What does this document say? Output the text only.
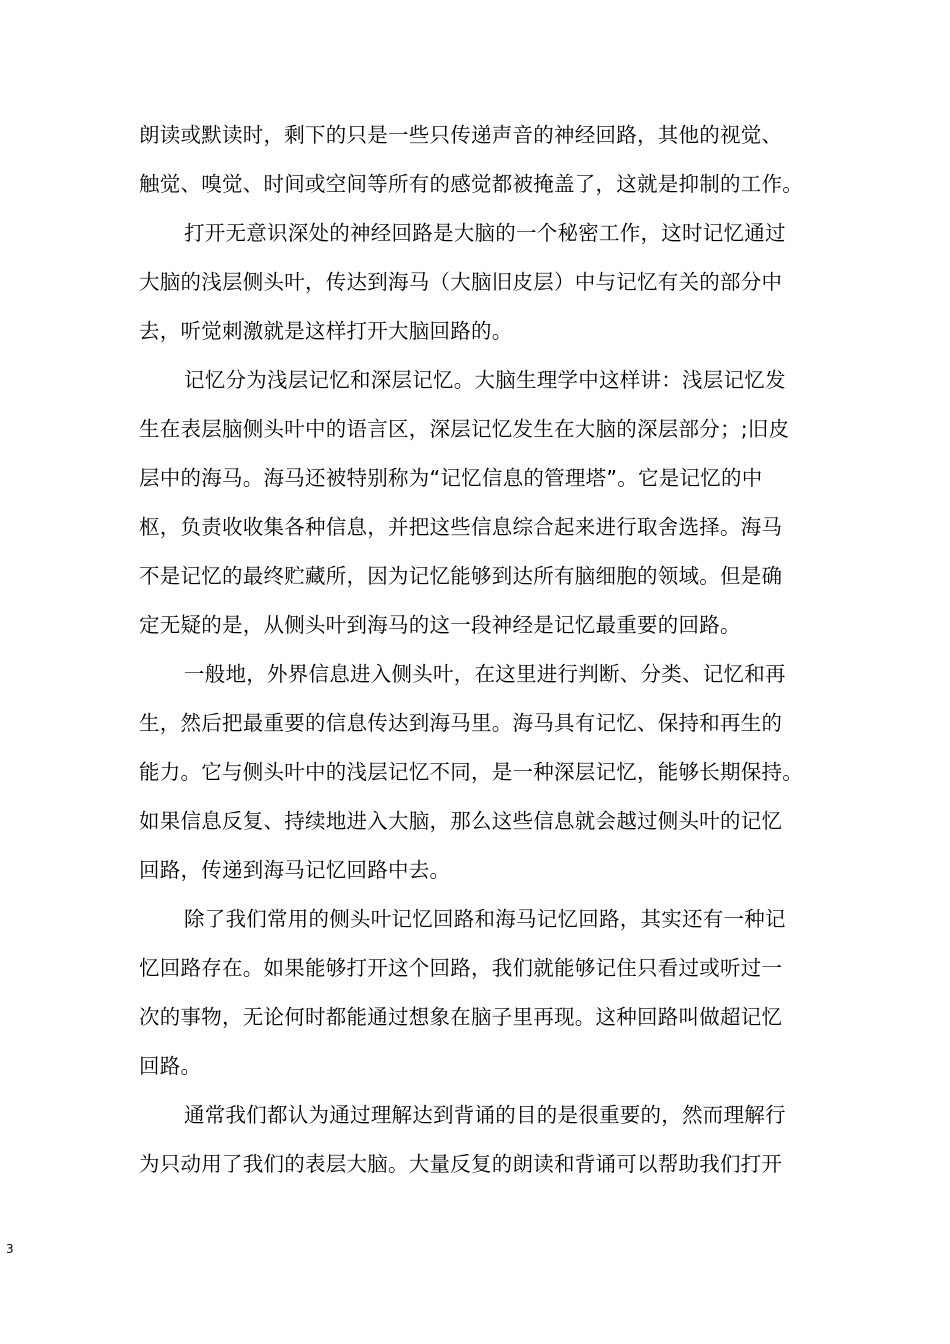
朗读或默读时，剩下的只是一些只传递声音的神经回路，其他的视觉、
触觉、嗅觉、时间或空间等所有的感觉都被掩盖了，这就是抑制的工作。
打开无意识深处的神经回路是大脑的一个秘密工作，这时记忆通过
大脑的浅层侧头叶，传达到海马（大脑旧皮层）中与记忆有关的部分中
去，听觉刺激就是这样打开大脑回路的。
记忆分为浅层记忆和深层记忆。大脑生理学中这样讲：浅层记忆发
生在表层脑侧头叶中的语言区，深层记忆发生在大脑的深层部分；;旧皮
层中的海马。海马还被特别称为“记忆信息的管理塔”。它是记忆的中
枢，负责收收集各种信息，并把这些信息综合起来进行取舍选择。海马
不是记忆的最终贮藏所，因为记忆能够到达所有脑细胞的领域。但是确
定无疑的是，从侧头叶到海马的这一段神经是记忆最重要的回路。
一般地，外界信息进入侧头叶，在这里进行判断、分类、记忆和再
生，然后把最重要的信息传达到海马里。海马具有记忆、保持和再生的
能力。它与侧头叶中的浅层记忆不同，是一种深层记忆，能够长期保持。
如果信息反复、持续地进入大脑，那么这些信息就会越过侧头叶的记忆
回路，传递到海马记忆回路中去。
除了我们常用的侧头叶记忆回路和海马记忆回路，其实还有一种记
忆回路存在。如果能够打开这个回路，我们就能够记住只看过或听过一
次的事物，无论何时都能通过想象在脑子里再现。这种回路叫做超记忆
回路。
通常我们都认为通过理解达到背诵的目的是很重要的，然而理解行
为只动用了我们的表层大脑。大量反复的朗读和背诵可以帮助我们打开
3
